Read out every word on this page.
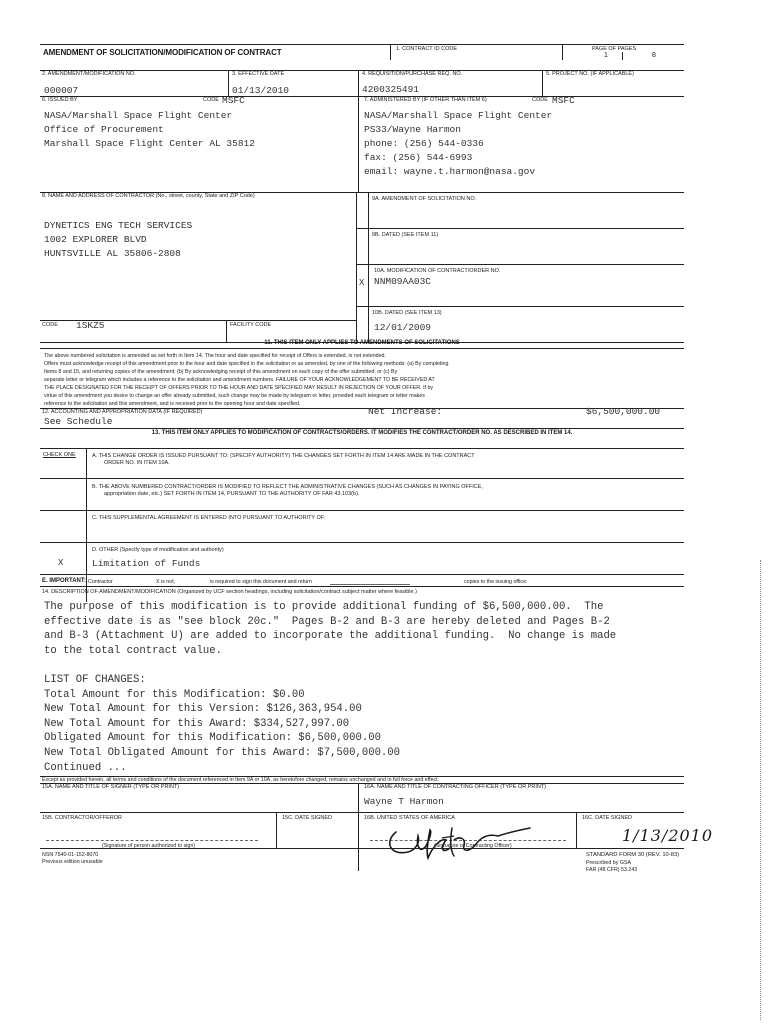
AMENDMENT OF SOLICITATION/MODIFICATION OF CONTRACT	1. CONTRACT ID CODE	PAGE OF PAGES
1	8
2. AMENDMENT/MODIFICATION NO.
000007
3. EFFECTIVE DATE
01/13/2010
4. REQUISITION/PURCHASE REQ. NO.
4200325491
5. PROJECT NO. (IF APPLICABLE)
6. ISSUED BY	CODE MSFC
NASA/Marshall Space Flight Center
Office of Procurement
Marshall Space Flight Center AL 35812
7. ADMINISTERED BY (IF OTHER THAN ITEM 6)	CODE MSFC
NASA/Marshall Space Flight Center
PS33/Wayne Harmon
phone: (256) 544-0336
fax: (256) 544-6993
email: wayne.t.harmon@nasa.gov
8. NAME AND ADDRESS OF CONTRACTOR (No., street, county, State and ZIP Code)
DYNETICS ENG TECH SERVICES
1002 EXPLORER BLVD
HUNTSVILLE AL 35806-2808
9A. AMENDMENT OF SOLICITATION NO.
9B. DATED (SEE ITEM 11)
X
10A. MODIFICATION OF CONTRACT/ORDER NO.
NNM09AA03C
10B. DATED (SEE ITEM 13)
12/01/2009
CODE 1SKZ5	FACILITY CODE
11. THIS ITEM ONLY APPLIES TO AMENDMENTS OF SOLICITATIONS
The above numbered solicitation is amended as set forth in Item 14. The hour and date specified for receipt of Offers is extended, is not extended.
Offers must acknowledge receipt of this amendment prior to the hour and date specified in the solicitation or as amended, by one of the following methods: (a) By completing
Items 8 and 15, and returning copies of the amendment; (b) By acknowledging receipt of this amendment on each copy of the offer submitted; or (c) By
separate letter or telegram which includes a reference to the solicitation and amendment numbers. FAILURE OF YOUR ACKNOWLEDGEMENT TO BE RECEIVED AT
THE PLACE DESIGNATED FOR THE RECEIPT OF OFFERS PRIOR TO THE HOUR AND DATE SPECIFIED MAY RESULT IN REJECTION OF YOUR OFFER. If by
virtue of this amendment you desire to change an offer already submitted, such change may be made by telegram or letter, provided each telegram or letter makes
reference to the solicitation and this amendment, and is received prior to the opening hour and date specified.
12. ACCOUNTING AND APPROPRIATION DATA (IF REQUIRED)
See Schedule
Net Increase:	$6,500,000.00
13. THIS ITEM ONLY APPLIES TO MODIFICATION OF CONTRACTS/ORDERS. IT MODIFIES THE CONTRACT/ORDER NO. AS DESCRIBED IN ITEM 14.
CHECK ONE	A. THIS CHANGE ORDER IS ISSUED PURSUANT TO: (SPECIFY AUTHORITY) THE CHANGES SET FORTH IN ITEM 14 ARE MADE IN THE CONTRACT
ORDER NO. IN ITEM 10A.
B. THE ABOVE NUMBERED CONTRACT/ORDER IS MODIFIED TO REFLECT THE ADMINISTRATIVE CHANGES (SUCH AS CHANGES IN PAYING OFFICE,
appropriation date, etc.) SET FORTH IN ITEM 14, PURSUANT TO THE AUTHORITY OF FAR 43.103(b).
C. THIS SUPPLEMENTAL AGREEMENT IS ENTERED INTO PURSUANT TO AUTHORITY OF:
D. OTHER (Specify type of modification and authority)
X	Limitation of Funds
E. IMPORTANT: Contractor	X is not,	is required to sign this document and return	copies to the issuing office.
14. DESCRIPTION OF AMENDMENT/MODIFICATION (Organized by UCF section headings, including solicitation/contract subject matter where feasible.)
The purpose of this modification is to provide additional funding of $6,500,000.00.  The
effective date is as "see block 20c."  Pages B-2 and B-3 are hereby deleted and Pages B-2
and B-3 (Attachment U) are added to incorporate the additional funding.  No change is made
to the total contract value.
LIST OF CHANGES:
Total Amount for this Modification: $0.00
New Total Amount for this Version: $126,363,954.00
New Total Amount for this Award: $334,527,997.00
Obligated Amount for this Modification: $6,500,000.00
New Total Obligated Amount for this Award: $7,500,000.00
Continued ...
Except as provided herein, all terms and conditions of the document referenced in Item 9A or 10A, as heretofore changed, remains unchanged and in full force and effect.
15A. NAME AND TITLE OF SIGNER (TYPE OR PRINT)	16A. NAME AND TITLE OF CONTRACTING OFFICER (TYPE OR PRINT)
Wayne T Harmon
15B. CONTRACTOR/OFFEROR	15C. DATE SIGNED	16B. UNITED STATES OF AMERICA	16C. DATE SIGNED
(Signature of person authorized to sign)	(Signature of Contracting Officer)
1/13/2010
NSN 7540-01-152-8070
Previous edition unusable
STANDARD FORM 30 (REV. 10-83)
Prescribed by GSA
FAR (48 CFR) 53.243
